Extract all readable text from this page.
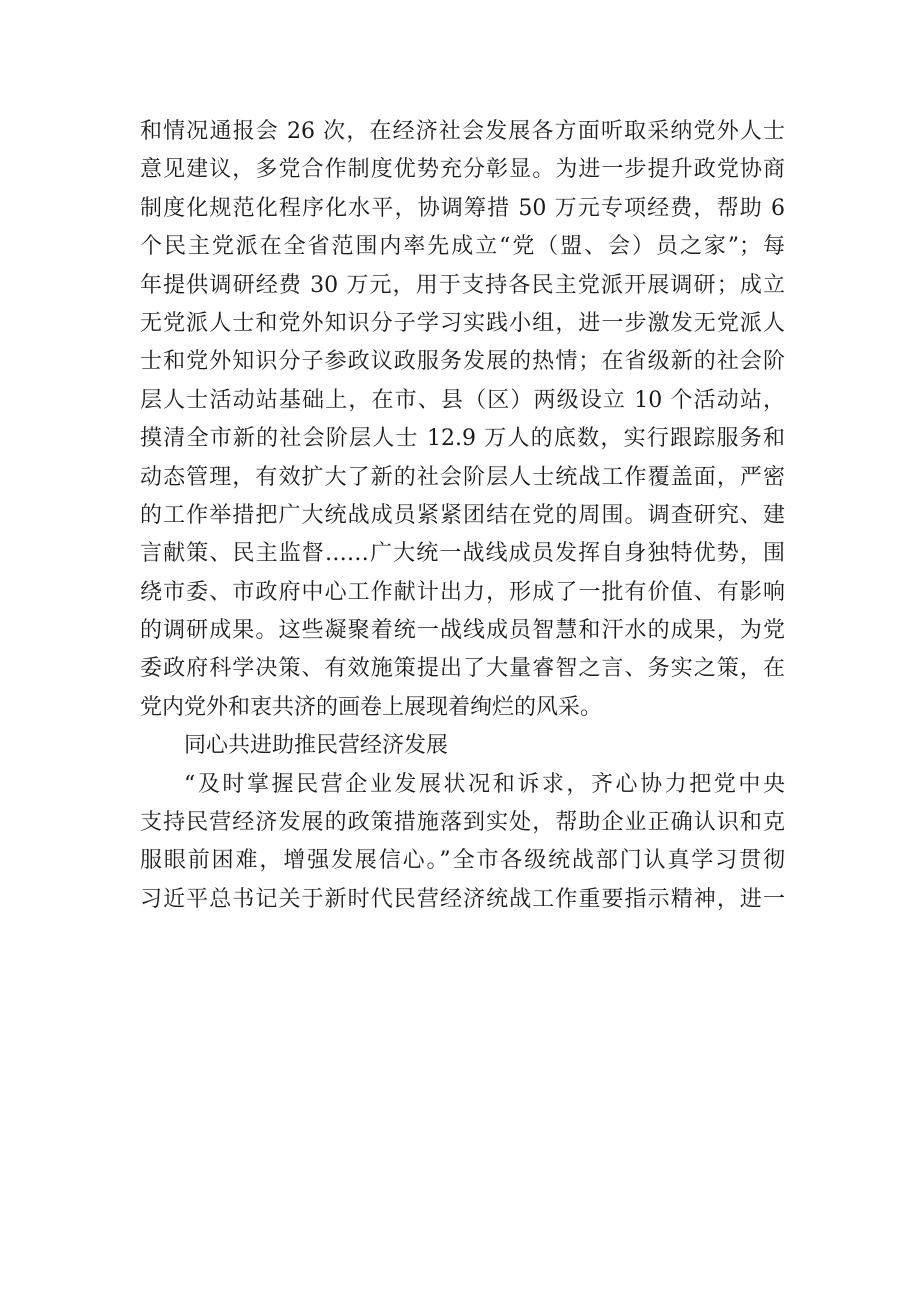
和情况通报会 26 次，在经济社会发展各方面听取采纳党外人士
意见建议，多党合作制度优势充分彰显。为进一步提升政党协商
制度化规范化程序化水平，协调筹措 50 万元专项经费，帮助 6
个民主党派在全省范围内率先成立“党（盟、会）员之家”；每
年提供调研经费 30 万元，用于支持各民主党派开展调研；成立
无党派人士和党外知识分子学习实践小组，进一步激发无党派人
士和党外知识分子参政议政服务发展的热情；在省级新的社会阶
层人士活动站基础上，在市、县（区）两级设立 10 个活动站，
摸清全市新的社会阶层人士 12.9 万人的底数，实行跟踪服务和
动态管理，有效扩大了新的社会阶层人士统战工作覆盖面，严密
的工作举措把广大统战成员紧紧团结在党的周围。调查研究、建
言献策、民主监督……广大统一战线成员发挥自身独特优势，围
绕市委、市政府中心工作献计出力，形成了一批有价值、有影响
的调研成果。这些凝聚着统一战线成员智慧和汗水的成果，为党
委政府科学决策、有效施策提出了大量睿智之言、务实之策，在
党内党外和衷共济的画卷上展现着绚烂的风采。
同心共进助推民营经济发展
“及时掌握民营企业发展状况和诉求，齐心协力把党中央
支持民营经济发展的政策措施落到实处，帮助企业正确认识和克
服眼前困难，增强发展信心。”全市各级统战部门认真学习贯彻
习近平总书记关于新时代民营经济统战工作重要指示精神，进一
